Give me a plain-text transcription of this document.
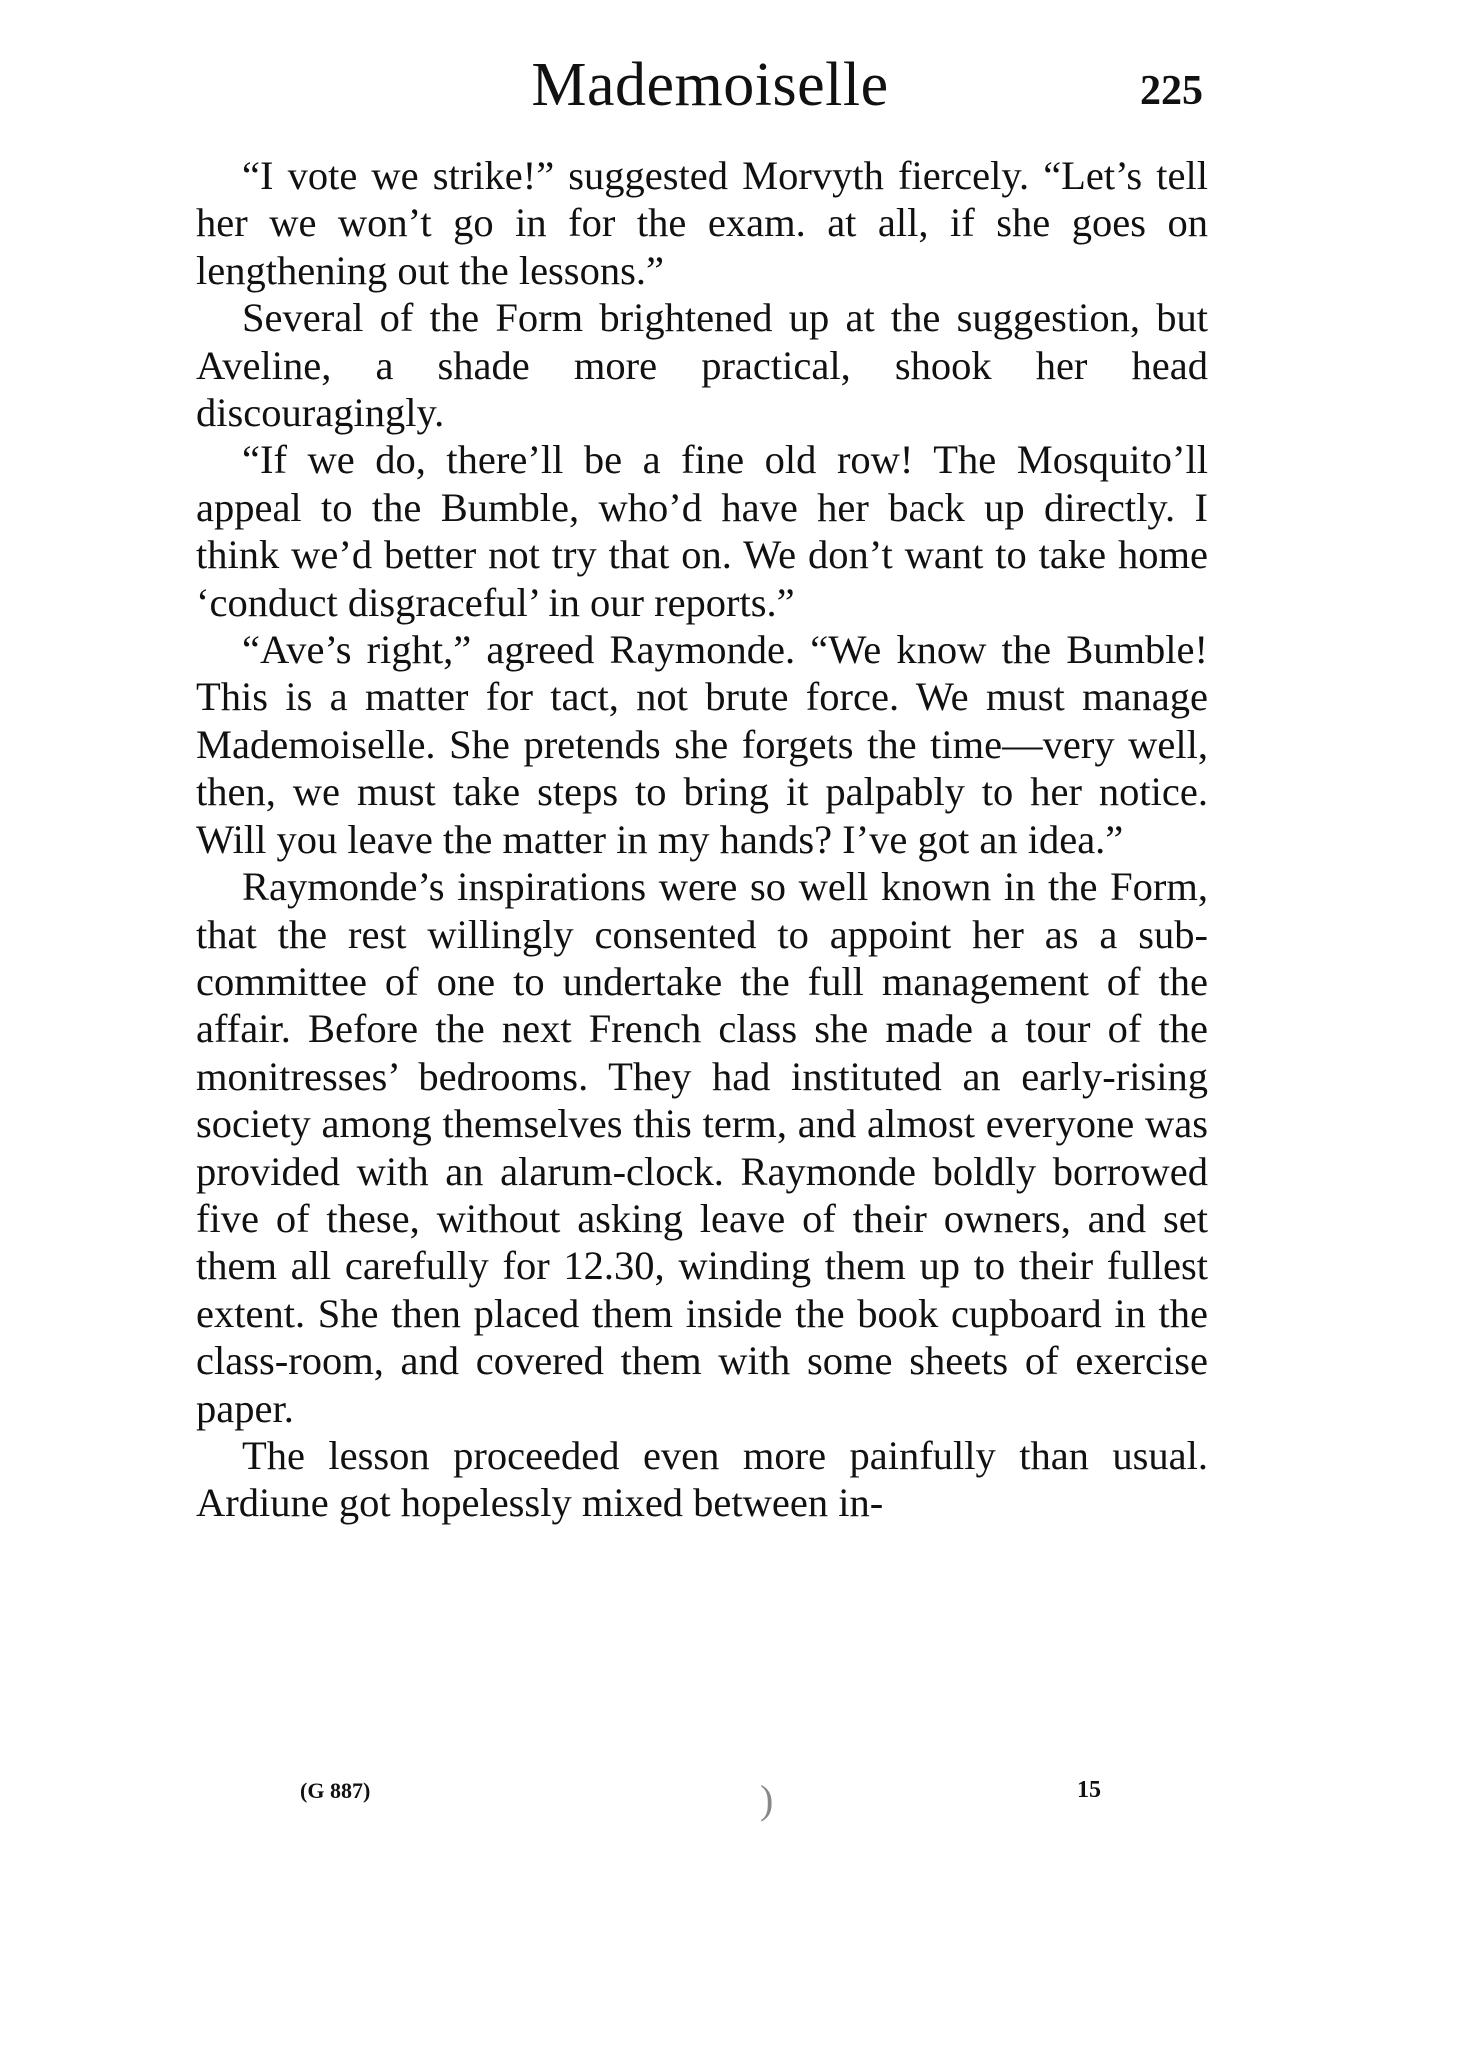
Mademoiselle	225

“I vote we strike!” suggested Morvyth fiercely. “Let’s tell her we won’t go in for the exam. at all, if she goes on lengthening out the lessons.”

Several of the Form brightened up at the suggestion, but Aveline, a shade more practical, shook her head discouragingly.

“If we do, there’ll be a fine old row! The Mosquito’ll appeal to the Bumble, who’d have her back up directly. I think we’d better not try that on. We don’t want to take home ‘conduct disgraceful’ in our reports.”

“Ave’s right,” agreed Raymonde. “We know the Bumble! This is a matter for tact, not brute force. We must manage Mademoiselle. She pretends she forgets the time—very well, then, we must take steps to bring it palpably to her notice. Will you leave the matter in my hands? I’ve got an idea.”

Raymonde’s inspirations were so well known in the Form, that the rest willingly consented to appoint her as a sub-committee of one to undertake the full management of the affair. Before the next French class she made a tour of the monitresses’ bedrooms. They had instituted an early-rising society among themselves this term, and almost everyone was provided with an alarum-clock. Raymonde boldly borrowed five of these, without asking leave of their owners, and set them all carefully for 12.30, winding them up to their fullest extent. She then placed them inside the book cupboard in the class-room, and covered them with some sheets of exercise paper.

The lesson proceeded even more painfully than usual. Ardiune got hopelessly mixed between in-

(G 887)	15
)
